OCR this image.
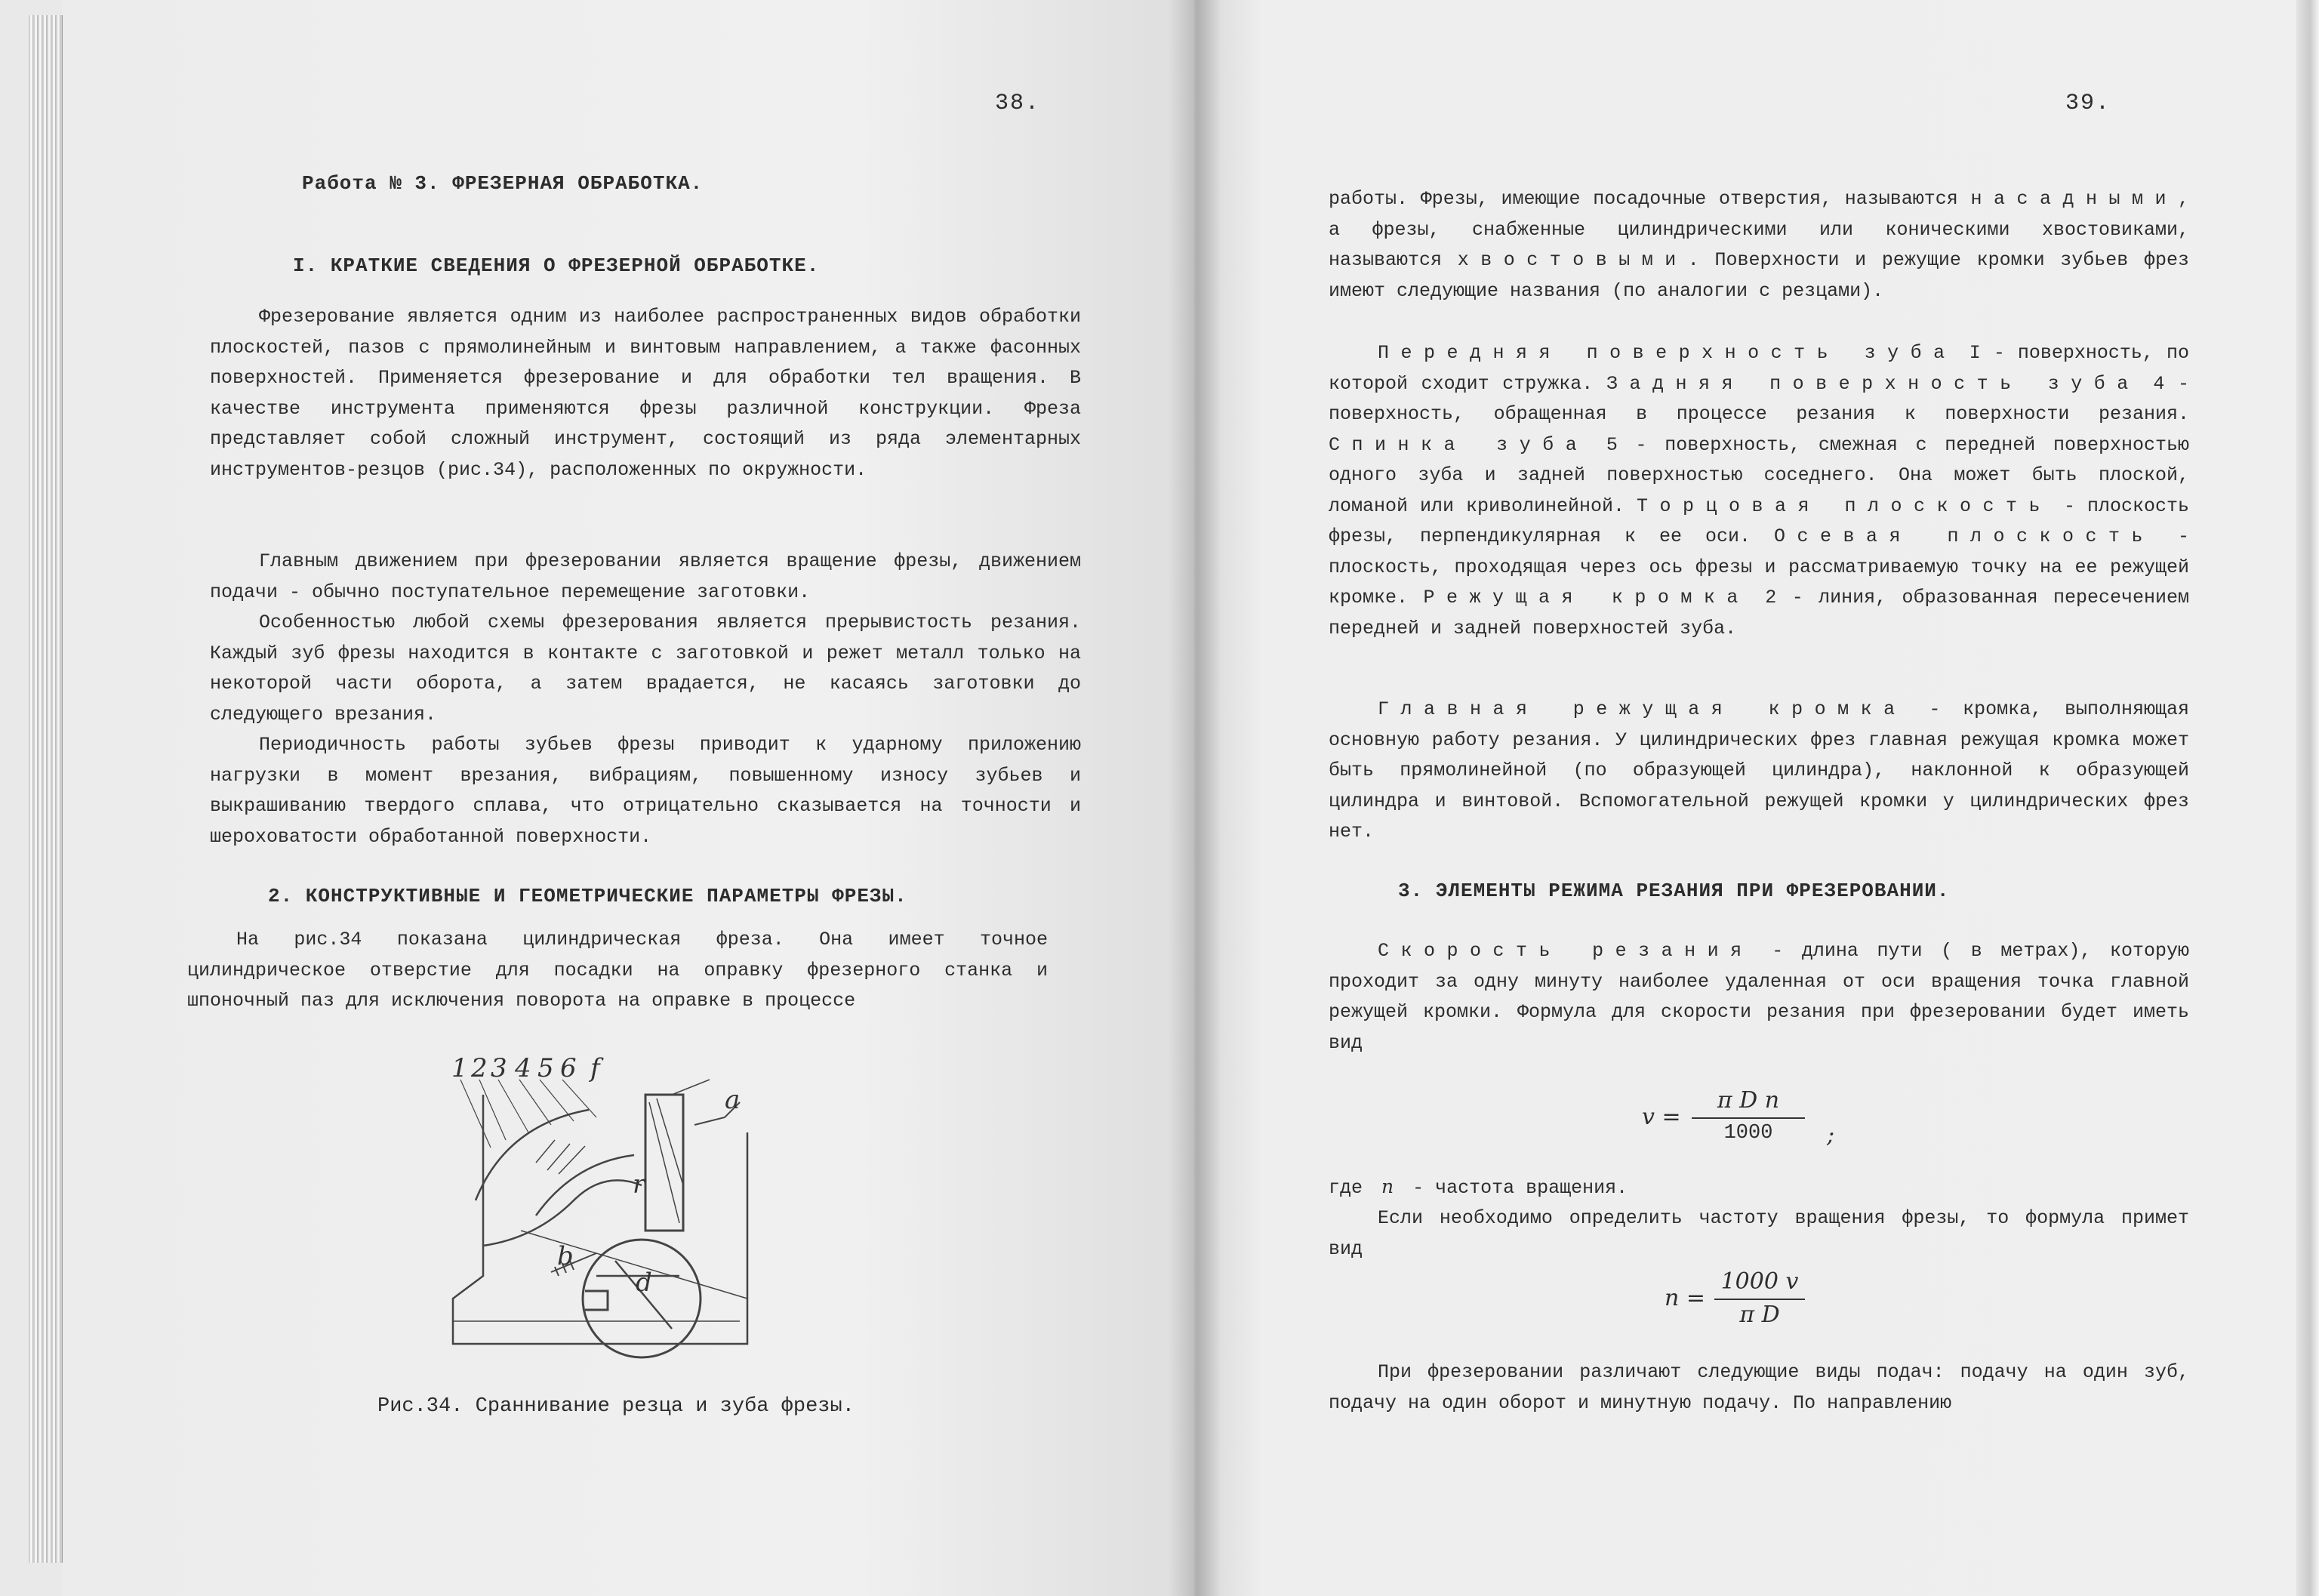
38.
Работа № 3. ФРЕЗЕРНАЯ ОБРАБОТКА.
I. КРАТКИЕ СВЕДЕНИЯ О ФРЕЗЕРНОЙ ОБРАБОТКЕ.

Фрезерование является одним из наиболее распространенных видов обработки плоскостей, пазов с прямолинейным и винтовым направлением, а также фасонных поверхностей. Применяется фрезерование и для обработки тел вращения. В качестве инструмента применяются фрезы различной конструкции. Фреза представляет собой сложный инструмент, состоящий из ряда элементарных инструментов-резцов (рис.34), расположенных по окружности.

Главным движением при фрезеровании является вращение фрезы, движением подачи - обычно поступательное перемещение заготовки.

Особенностью любой схемы фрезерования является прерывистость резания. Каждый зуб фрезы находится в контакте с заготовкой и режет металл только на некоторой части оборота, а затем врадается, не касаясь заготовки до следующего врезания.

Периодичность работы зубьев фрезы приводит к ударному приложению нагрузки в момент врезания, вибрациям, повышенному износу зубьев и выкрашиванию твердого сплава, что отрицательно сказывается на точности и шероховатости обработанной поверхности.

2. КОНСТРУКТИВНЫЕ И ГЕОМЕТРИЧЕСКИЕ ПАРАМЕТРЫ ФРЕЗЫ.

На рис.34 показана цилиндрическая фреза. Она имеет точное цилиндрическое отверстие для посадки на оправку фрезерного станка и шпоночный паз для исключения поворота на оправке в процессе

1 2 3 4 5 6 f
a
r
b
d
Рис.34. Сраннивание резца и зуба фрезы.
39.

работы. Фрезы, имеющие посадочные отверстия, называются насадными, а фрезы, снабженные цилиндрическими или коническими хвостовиками, называются хвостовыми. Поверхности и режущие кромки зубьев фрез имеют следующие названия (по аналогии с резцами).

Передняя поверхность зуба I - поверхность, по которой сходит стружка. Задняя поверхность зуба 4 - поверхность, обращенная в процессе резания к поверхности резания. Спинка зуба 5 - поверхность, смежная с передней поверхностью одного зуба и задней поверхностью соседнего. Она может быть плоской, ломаной или криволинейной. Торцовая плоскость - плоскость фрезы, перпендикулярная к ее оси. Осевая плоскость - плоскость, проходящая через ось фрезы и рассматриваемую точку на ее режущей кромке. Режущая кромка 2 - линия, образованная пересечением передней и задней поверхностей зуба.

Главная режущая кромка - кромка, выполняющая основную работу резания. У цилиндрических фрез главная режущая кромка может быть прямолинейной (по образующей цилиндра), наклонной к образующей цилиндра и винтовой. Вспомогательной режущей кромки у цилиндрических фрез нет.

3. ЭЛЕМЕНТЫ РЕЖИМА РЕЗАНИЯ ПРИ ФРЕЗЕРОВАНИИ.

Скорость резания - длина пути ( в метрах), которую проходит за одну минуту наиболее удаленная от оси вращения точка главной режущей кромки. Формула для скорости резания при фрезеровании будет иметь вид

v =
π D n
1000	;
где n - частота вращения.

Если необходимо определить частоту вращения фрезы, то формула примет вид

n =
1000 v
π D

При фрезеровании различают следующие виды подач: подачу на один зуб, подачу на один оборот и минутную подачу. По направлению
